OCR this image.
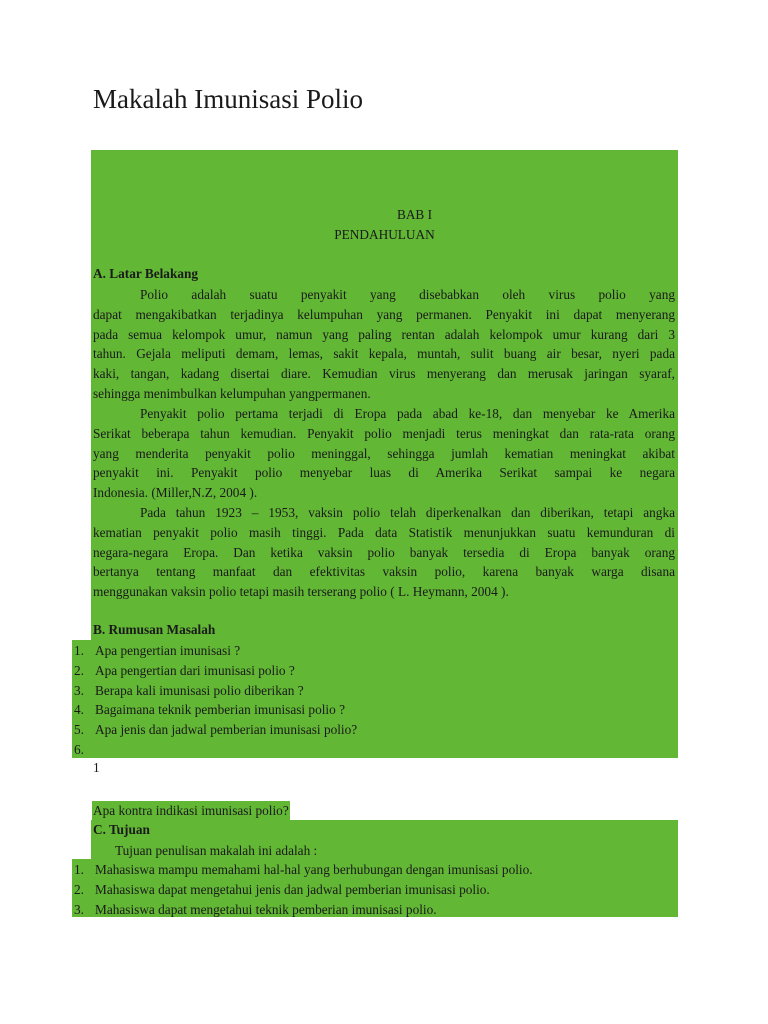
Makalah Imunisasi Polio
BAB I
PENDAHULUAN
A. Latar Belakang
Polio adalah suatu penyakit yang disebabkan oleh virus polio yang
dapat mengakibatkan terjadinya kelumpuhan yang permanen. Penyakit ini dapat menyerang
pada semua kelompok umur, namun yang paling rentan adalah kelompok umur kurang dari 3
tahun. Gejala meliputi demam, lemas, sakit kepala, muntah, sulit buang air besar, nyeri pada
kaki, tangan, kadang disertai diare. Kemudian virus menyerang dan merusak jaringan syaraf,
sehingga menimbulkan kelumpuhan yangpermanen.
Penyakit polio pertama terjadi di Eropa pada abad ke-18, dan menyebar ke Amerika
Serikat beberapa tahun kemudian. Penyakit polio menjadi terus meningkat dan rata-rata orang
yang menderita penyakit polio meninggal, sehingga jumlah kematian meningkat akibat
penyakit ini. Penyakit polio menyebar luas di Amerika Serikat sampai ke negara
Indonesia. (Miller,N.Z, 2004 ).
Pada tahun 1923 – 1953, vaksin polio telah diperkenalkan dan diberikan, tetapi angka
kematian penyakit polio masih tinggi. Pada data Statistik menunjukkan suatu kemunduran di
negara-negara Eropa. Dan ketika vaksin polio banyak tersedia di Eropa banyak orang
bertanya tentang manfaat dan efektivitas vaksin polio, karena banyak warga disana
menggunakan vaksin polio tetapi masih terserang polio ( L. Heymann, 2004 ).
B. Rumusan Masalah
1. Apa pengertian imunisasi ?
2. Apa pengertian dari imunisasi polio ?
3. Berapa kali imunisasi polio diberikan ?
4. Bagaimana teknik pemberian imunisasi polio ?
5. Apa jenis dan jadwal pemberian imunisasi polio?
6.
1
Apa kontra indikasi imunisasi polio?
C. Tujuan
Tujuan penulisan makalah ini adalah :
1. Mahasiswa mampu memahami hal-hal yang berhubungan dengan imunisasi polio.
2. Mahasiswa dapat mengetahui jenis dan jadwal pemberian imunisasi polio.
3. Mahasiswa dapat mengetahui teknik pemberian imunisasi polio.
